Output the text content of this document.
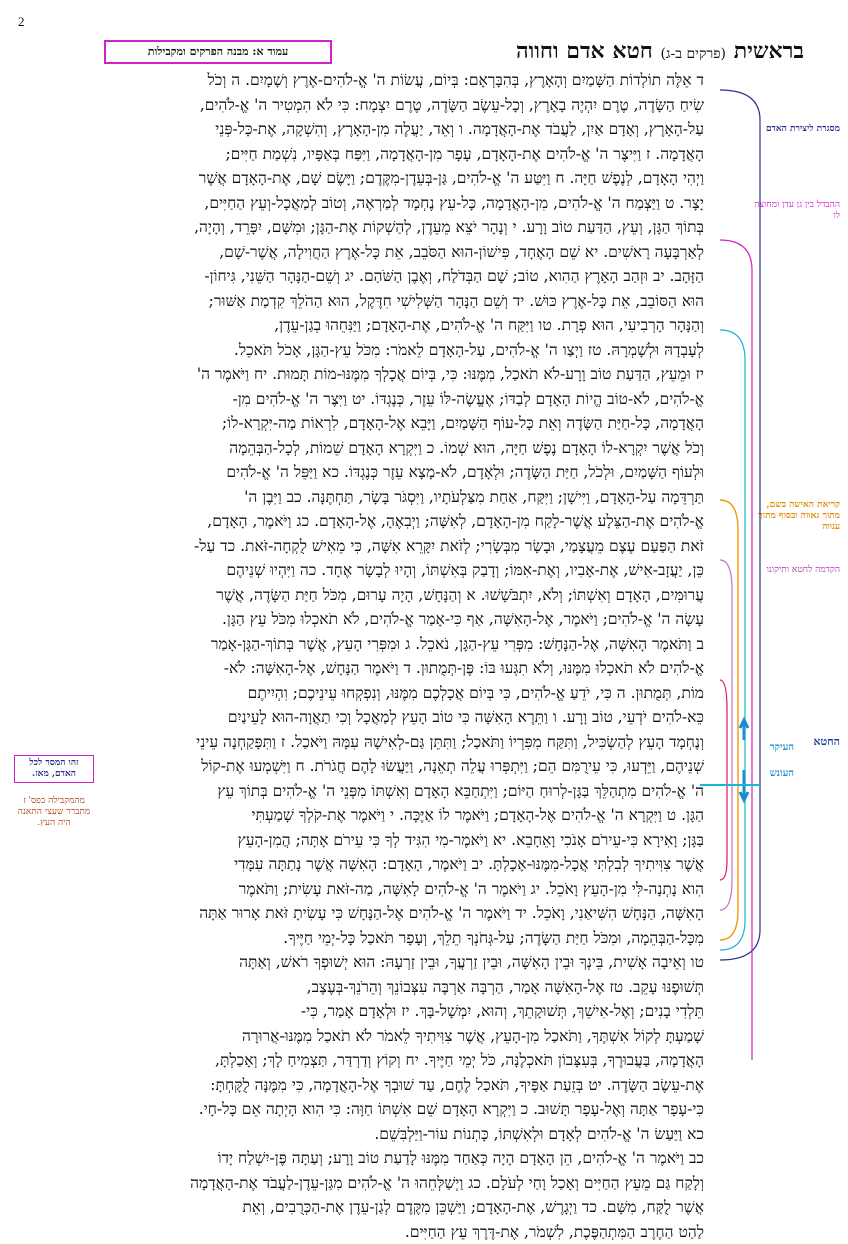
2
עמוד א: מבנה הפרקים ומקבילות	בראשית (פרקים ב-ג) חטא אדם וחווה
ד אֵלֶּה תוֹלְדוֹת הַשָּׁמַיִם וְהָאָרֶץ, בְּהִבָּרְאָם: בְּיוֹם, עֲשׂוֹת ה' אֱ-לֹהִים-אֶרֶץ וְשָׁמָיִם. ה וְכֹל
שִׂיחַ הַשָּׂדֶה, טֶרֶם יִהְיֶה בָאָרֶץ, וְכָל-עֵשֶׂב הַשָּׂדֶה, טֶרֶם יִצְמָח: כִּי לֹא הִמְטִיר ה' אֱ-לֹהִים,
עַל-הָאָרֶץ, וְאָדָם אַיִן, לַעֲבֹד אֶת-הָאֲדָמָה. ו וְאֵד, יַעֲלֶה מִן-הָאָרֶץ, וְהִשְׁקָה, אֶת-כָּל-פְּנֵי
הָאֲדָמָה. ז וַיִּיצֶר ה' אֱ-לֹהִים אֶת-הָאָדָם, עָפָר מִן-הָאֲדָמָה, וַיִּפַּח בְּאַפָּיו, נִשְׁמַת חַיִּים;
וַיְהִי הָאָדָם, לְנֶפֶשׁ חַיָּה. ח וַיִּטַּע ה' אֱ-לֹהִים, גַּן-בְּעֵדֶן-מִקֶּדֶם; וַיָּשֶׂם שָׁם, אֶת-הָאָדָם אֲשֶׁר
יָצָר. ט וַיַּצְמַח ה' אֱ-לֹהִים, מִן-הָאֲדָמָה, כָּל-עֵץ נֶחְמָד לְמַרְאֶה, וְטוֹב לְמַאֲכָל-וְעֵץ הַחַיִּים,
בְּתוֹךְ הַגָּן, וְעֵץ, הַדַּעַת טוֹב וָרָע. י וְנָהָר יֹצֵא מֵעֵדֶן, לְהַשְׁקוֹת אֶת-הַגָּן; וּמִשָּׁם, יִפָּרֵד, וְהָיָה,
לְאַרְבָּעָה רָאשִׁים. יא שֵׁם הָאֶחָד, פִּישׁוֹן-הוּא הַסֹּבֵב, אֵת כָּל-אֶרֶץ הַחֲוִילָה, אֲשֶׁר-שָׁם,
הַזָּהָב. יב וּזְהַב הָאָרֶץ הַהִוא, טוֹב; שָׁם הַבְּדֹלַח, וְאֶבֶן הַשֹּׁהַם. יג וְשֵׁם-הַנָּהָר הַשֵּׁנִי, גִּיחוֹן-
הוּא הַסּוֹבֵב, אֵת כָּל-אֶרֶץ כּוּשׁ. יד וְשֵׁם הַנָּהָר הַשְּׁלִישִׁי חִדֶּקֶל, הוּא הַהֹלֵךְ קִדְמַת אַשּׁוּר;
וְהַנָּהָר הָרְבִיעִי, הוּא פְרָת. טו וַיִּקַּח ה' אֱ-לֹהִים, אֶת-הָאָדָם; וַיַּנִּחֵהוּ בְגַן-עֵדֶן,
לְעָבְדָהּ וּלְשָׁמְרָהּ. טז וַיְצַו ה' אֱ-לֹהִים, עַל-הָאָדָם לֵאמֹר: מִכֹּל עֵץ-הַגָּן, אָכֹל תֹּאכֵל.
יז וּמֵעֵץ, הַדַּעַת טוֹב וָרָע-לֹא תֹאכַל, מִמֶּנּוּ: כִּי, בְּיוֹם אֲכָלְךָ מִמֶּנּוּ-מוֹת תָּמוּת. יח וַיֹּאמֶר ה'
אֱ-לֹהִים, לֹא-טוֹב הֱיוֹת הָאָדָם לְבַדּוֹ; אֶעֱשֶׂה-לּוֹ עֵזֶר, כְּנֶגְדּוֹ. יט וַיִּצֶר ה' אֱ-לֹהִים מִן-
הָאֲדָמָה, כָּל-חַיַּת הַשָּׂדֶה וְאֵת כָּל-עוֹף הַשָּׁמַיִם, וַיָּבֵא אֶל-הָאָדָם, לִרְאוֹת מַה-יִּקְרָא-לוֹ;
וְכֹל אֲשֶׁר יִקְרָא-לוֹ הָאָדָם נֶפֶשׁ חַיָּה, הוּא שְׁמוֹ. כ וַיִּקְרָא הָאָדָם שֵׁמוֹת, לְכָל-הַבְּהֵמָה
וּלְעוֹף הַשָּׁמַיִם, וּלְכֹל, חַיַּת הַשָּׂדֶה; וּלְאָדָם, לֹא-מָצָא עֵזֶר כְּנֶגְדּוֹ. כא וַיַּפֵּל ה' אֱ-לֹהִים
תַּרְדֵּמָה עַל-הָאָדָם, וַיִּישָׁן; וַיִּקַּח, אַחַת מִצַּלְעֹתָיו, וַיִּסְגֹּר בָּשָׂר, תַּחְתֶּנָּה. כב וַיִּבֶן ה'
אֱ-לֹהִים אֶת-הַצֵּלָע אֲשֶׁר-לָקַח מִן-הָאָדָם, לְאִשָּׁה; וַיְבִאֶהָ, אֶל-הָאָדָם. כג וַיֹּאמֶר, הָאָדָם,
זֹאת הַפַּעַם עֶצֶם מֵעֲצָמַי, וּבָשָׂר מִבְּשָׂרִי; לְזֹאת יִקָּרֵא אִשָּׁה, כִּי מֵאִישׁ לֻקְחָה-זֹּאת. כד עַל-
כֵּן, יַעֲזָב-אִישׁ, אֶת-אָבִיו, וְאֶת-אִמּוֹ; וְדָבַק בְּאִשְׁתּוֹ, וְהָיוּ לְבָשָׂר אֶחָד. כה וַיִּהְיוּ שְׁנֵיהֶם
עֲרוּמִּים, הָאָדָם וְאִשְׁתּוֹ; וְלֹא, יִתְבֹּשָׁשׁוּ. א וְהַנָּחָשׁ, הָיָה עָרוּם, מִכֹּל חַיַּת הַשָּׂדֶה, אֲשֶׁר
עָשָׂה ה' אֱ-לֹהִים; וַיֹּאמֶר, אֶל-הָאִשָּׁה, אַף כִּי-אָמַר אֱ-לֹהִים, לֹא תֹאכְלוּ מִכֹּל עֵץ הַגָּן.
ב וַתֹּאמֶר הָאִשָּׁה, אֶל-הַנָּחָשׁ: מִפְּרִי עֵץ-הַגָּן, נֹאכֵל. ג וּמִפְּרִי הָעֵץ, אֲשֶׁר בְּתוֹךְ-הַגָּן-אָמַר
אֱ-לֹהִים לֹא תֹאכְלוּ מִמֶּנּוּ, וְלֹא תִגְּעוּ בּוֹ: פֶּן-תְּמֻתוּן. ד וַיֹּאמֶר הַנָּחָשׁ, אֶל-הָאִשָּׁה: לֹא-
מוֹת, תְּמֻתוּן. ה כִּי, יֹדֵעַ אֱ-לֹהִים, כִּי בְּיוֹם אֲכָלְכֶם מִמֶּנּוּ, וְנִפְקְחוּ עֵינֵיכֶם; וִהְיִיתֶם
כֵּא-לֹהִים יֹדְעֵי, טוֹב וָרָע. ו וַתֵּרֶא הָאִשָּׁה כִּי טוֹב הָעֵץ לְמַאֲכָל וְכִי תַאֲוָה-הוּא לָעֵינַיִם
וְנֶחְמָד הָעֵץ לְהַשְׂכִּיל, וַתִּקַּח מִפִּרְיוֹ וַתֹּאכַל; וַתִּתֵּן גַּם-לְאִישָׁהּ עִמָּהּ וַיֹּאכַל. ז וַתִּפָּקַחְנָה עֵינֵי
שְׁנֵיהֶם, וַיֵּדְעוּ, כִּי עֵירֻמִּם הֵם; וַיִּתְפְּרוּ עֲלֵה תְאֵנָה, וַיַּעֲשׂוּ לָהֶם חֲגֹרֹת. ח וַיִּשְׁמְעוּ אֶת-קוֹל
ה' אֱ-לֹהִים מִתְהַלֵּךְ בַּגָּן-לְרוּחַ הַיּוֹם; וַיִּתְחַבֵּא הָאָדָם וְאִשְׁתּוֹ מִפְּנֵי ה' אֱ-לֹהִים בְּתוֹךְ עֵץ
הַגָּן. ט וַיִּקְרָא ה' אֱ-לֹהִים אֶל-הָאָדָם; וַיֹּאמֶר לוֹ אַיֶּכָּה. י וַיֹּאמֶר אֶת-קֹלְךָ שָׁמַעְתִּי
בַּגָּן; וָאִירָא כִּי-עֵירֹם אָנֹכִי וָאֵחָבֵא. יא וַיֹּאמֶר-מִי הִגִּיד לְךָ כִּי עֵירֹם אָתָּה; הֲמִן-הָעֵץ
אֲשֶׁר צִוִּיתִיךָ לְבִלְתִּי אֲכָל-מִמֶּנּוּ-אָכָלְתָּ. יב וַיֹּאמֶר, הָאָדָם: הָאִשָּׁה אֲשֶׁר נָתַתָּה עִמָּדִי
הִוא נָתְנָה-לִּי מִן-הָעֵץ וָאֹכֵל. יג וַיֹּאמֶר ה' אֱ-לֹהִים לָאִשָּׁה, מַה-זֹּאת עָשִׂית; וַתֹּאמֶר
הָאִשָּׁה, הַנָּחָשׁ הִשִּׁיאַנִי, וָאֹכֵל. יד וַיֹּאמֶר ה' אֱ-לֹהִים אֶל-הַנָּחָשׁ כִּי עָשִׂיתָ זֹּאת אָרוּר אַתָּה
מִכָּל-הַבְּהֵמָה, וּמִכֹּל חַיַּת הַשָּׂדֶה; עַל-גְּחֹנְךָ תֵלֵךְ, וְעָפָר תֹּאכַל כָּל-יְמֵי חַיֶּיךָ.
טו וְאֵיבָה אָשִׁית, בֵּינְךָ וּבֵין הָאִשָּׁה, וּבֵין זַרְעֲךָ, וּבֵין זַרְעָהּ: הוּא יְשׁוּפְךָ רֹאשׁ, וְאַתָּה
תְּשׁוּפֶנּוּ עָקֵב. טז אֶל-הָאִשָּׁה אָמַר, הַרְבָּה אַרְבֶּה עִצְּבוֹנֵךְ וְהֵרֹנֵךְ-בְּעֶצֶב,
תֵּלְדִי בָנִים; וְאֶל-אִישֵׁךְ, תְּשׁוּקָתֵךְ, וְהוּא, יִמְשָׁל-בָּךְ. יז וּלְאָדָם אָמַר, כִּי-
שָׁמַעְתָּ לְקוֹל אִשְׁתֶּךָ, וַתֹּאכַל מִן-הָעֵץ, אֲשֶׁר צִוִּיתִיךָ לֵאמֹר לֹא תֹאכַל מִמֶּנּוּ-אֲרוּרָה
הָאֲדָמָה, בַּעֲבוּרֶךָ, בְּעִצָּבוֹן תֹּאכְלֶנָּה, כֹּל יְמֵי חַיֶּיךָ. יח וְקוֹץ וְדַרְדַּר, תַּצְמִיחַ לָךְ; וְאָכַלְתָּ,
אֶת-עֵשֶׂב הַשָּׂדֶה. יט בְּזֵעַת אַפֶּיךָ, תֹּאכַל לֶחֶם, עַד שׁוּבְךָ אֶל-הָאֲדָמָה, כִּי מִמֶּנָּה לֻקָּחְתָּ:
כִּי-עָפָר אַתָּה וְאֶל-עָפָר תָּשׁוּב. כ וַיִּקְרָא הָאָדָם שֵׁם אִשְׁתּוֹ חַוָּה: כִּי הִוא הָיְתָה אֵם כָּל-חָי.
כא וַיַּעַשׂ ה' אֱ-לֹהִים לְאָדָם וּלְאִשְׁתּוֹ, כָּתְנוֹת עוֹר-וַיַּלְבִּשֵׁם.
כב וַיֹּאמֶר ה' אֱ-לֹהִים, הֵן הָאָדָם הָיָה כְּאַחַד מִמֶּנּוּ לָדַעַת טוֹב וָרָע; וְעַתָּה פֶּן-יִשְׁלַח יָדוֹ
וְלָקַח גַּם מֵעֵץ הַחַיִּים וְאָכַל וָחַי לְעֹלָם. כג וַיְשַׁלְּחֵהוּ ה' אֱ-לֹהִים מִגַּן-עֵדֶן-לַעֲבֹד אֶת-הָאֲדָמָה
אֲשֶׁר לֻקַּח, מִשָּׁם. כד וַיְגָרֶשׁ, אֶת-הָאָדָם; וַיַּשְׁכֵּן מִקֶּדֶם לְגַן-עֵדֶן אֶת-הַכְּרֻבִים, וְאֵת
לַהַט הַחֶרֶב הַמִּתְהַפֶּכֶת, לִשְׁמֹר, אֶת-דֶּרֶךְ עֵץ הַחַיִּים.
מסגרת ליצירת האדם
ההבדל בין גן עדן ומחוצה לו
קריאת האישה בשם, מתוך גאווה ובסוף מתוך ענווה
הקדמה לחטא ותיקונו
החטא
העיקר
העונש
זהו המסר לכל האדם, מאז.
מהמקבילה בפס' ז מתברר שעצי התאנה היה העץ.
